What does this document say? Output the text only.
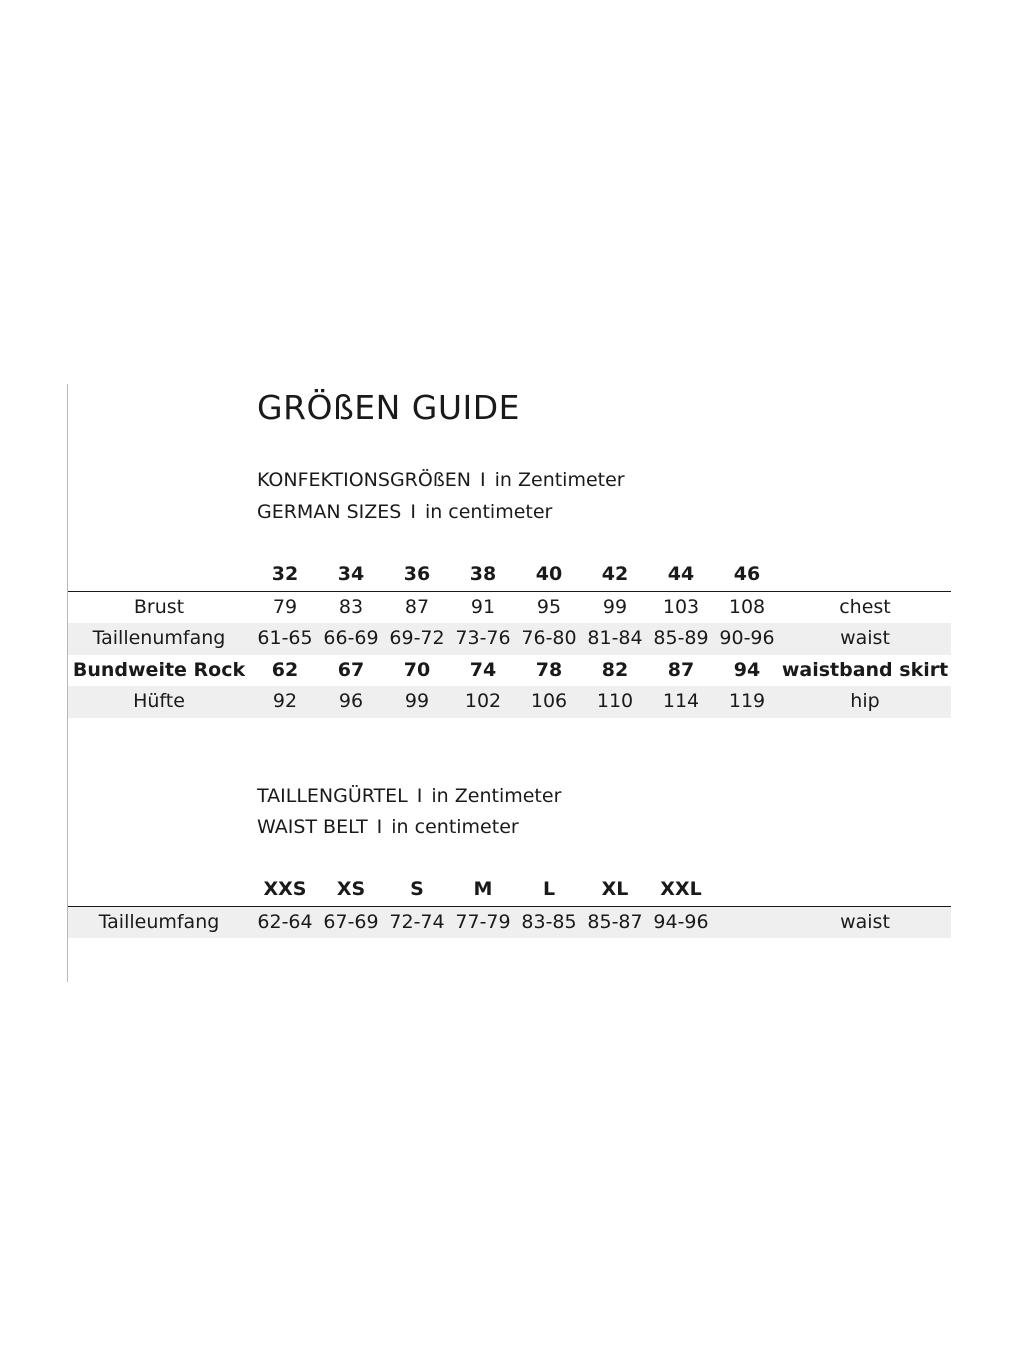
GRÖßEN GUIDE
KONFEKTIONSGRÖßEN I in Zentimeter
GERMAN SIZES I in centimeter
32 34 36 38 40 42 44 46
Brust	79 83 87 91 95 99 103 108	chest
Taillenumfang 61-65 66-69 69-72 73-76 76-80 81-84 85-89 90-96	waist
Bundweite Rock 62 67 70 74 78 82 87 94 waistband skirt
Hüfte	92 96 99 102 106 110 114 119	hip
TAILLENGÜRTEL I in Zentimeter
WAIST BELT I in centimeter
XXS XS S	M	L XL XXL
Tailleumfang 62-64 67-69 72-74 77-79 83-85 85-87 94-96	waist
